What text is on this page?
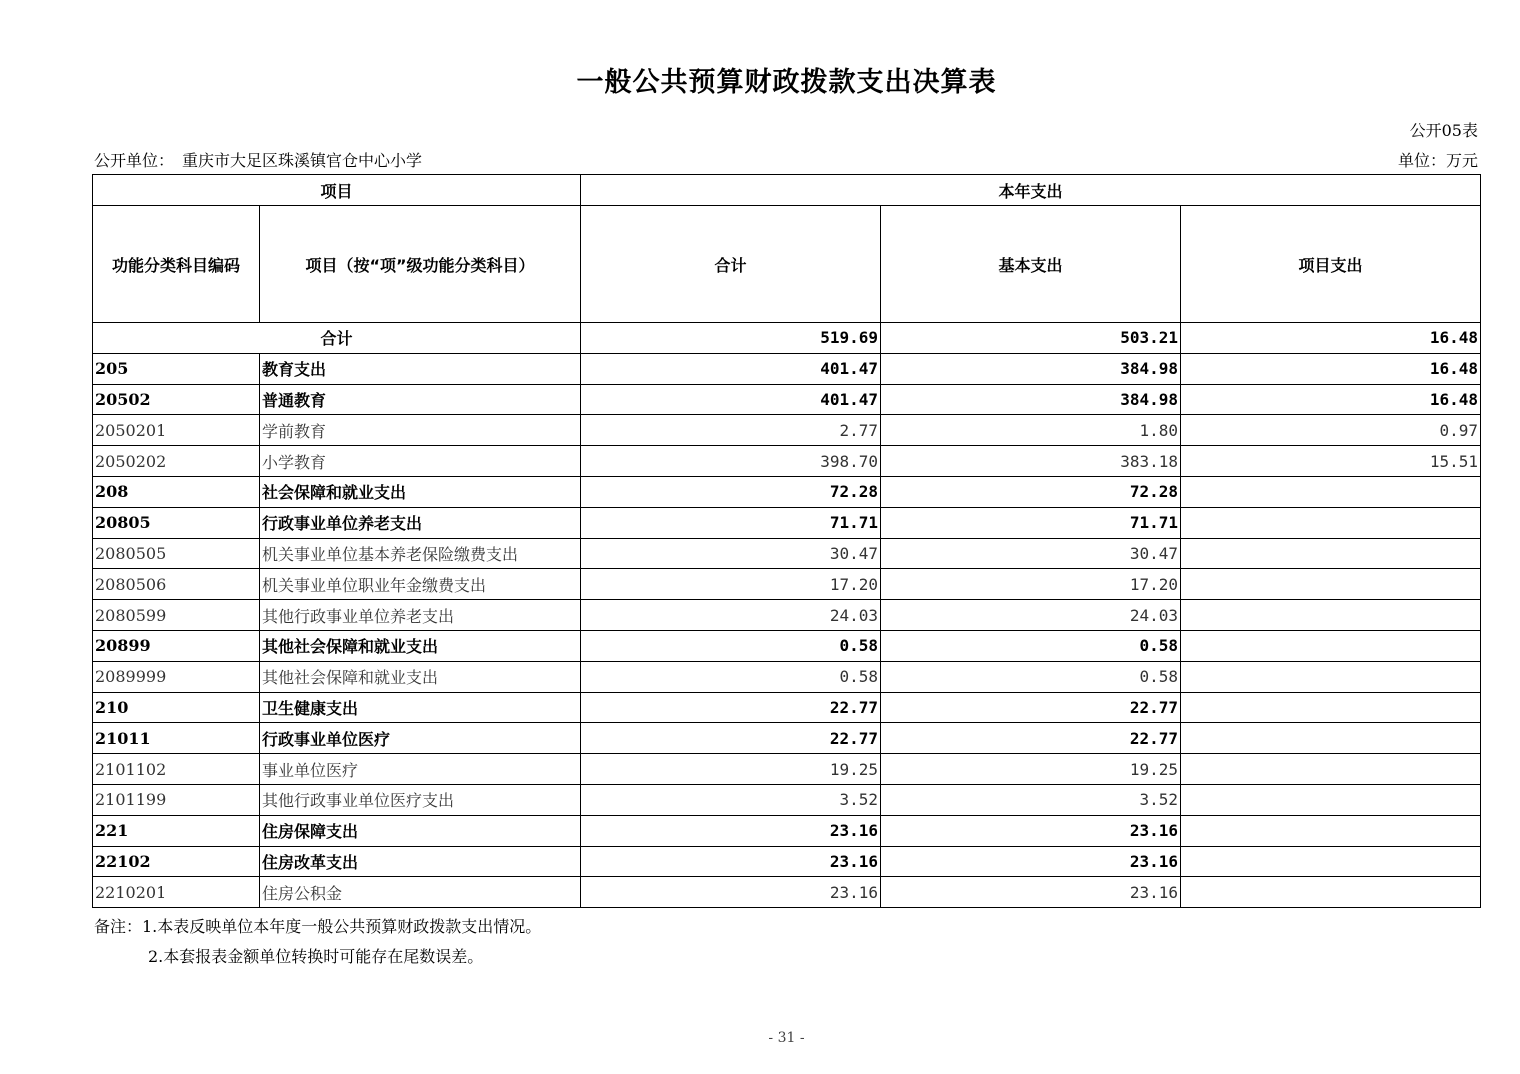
一般公共预算财政拨款支出决算表
公开05表
公开单位：　重庆市大足区珠溪镇官仓中心小学	单位：万元
项目		本年支出		
功能分类科目编码	项目（按“项”级功能分类科目）	合计	基本支出	项目支出
合计		519.69	503.21	16.48
205	教育支出	401.47	384.98	16.48
20502	普通教育	401.47	384.98	16.48
2050201	学前教育	2.77	1.80	0.97
2050202	小学教育	398.70	383.18	15.51
208	社会保障和就业支出	72.28	72.28	
20805	行政事业单位养老支出	71.71	71.71	
2080505	机关事业单位基本养老保险缴费支出	30.47	30.47	
2080506	机关事业单位职业年金缴费支出	17.20	17.20	
2080599	其他行政事业单位养老支出	24.03	24.03	
20899	其他社会保障和就业支出	0.58	0.58	
2089999	其他社会保障和就业支出	0.58	0.58	
210	卫生健康支出	22.77	22.77	
21011	行政事业单位医疗	22.77	22.77	
2101102	事业单位医疗	19.25	19.25	
2101199	其他行政事业单位医疗支出	3.52	3.52	
221	住房保障支出	23.16	23.16	
22102	住房改革支出	23.16	23.16	
2210201	住房公积金	23.16	23.16	
备注：1.本表反映单位本年度一般公共预算财政拨款支出情况。
2.本套报表金额单位转换时可能存在尾数误差。
- 31 -
